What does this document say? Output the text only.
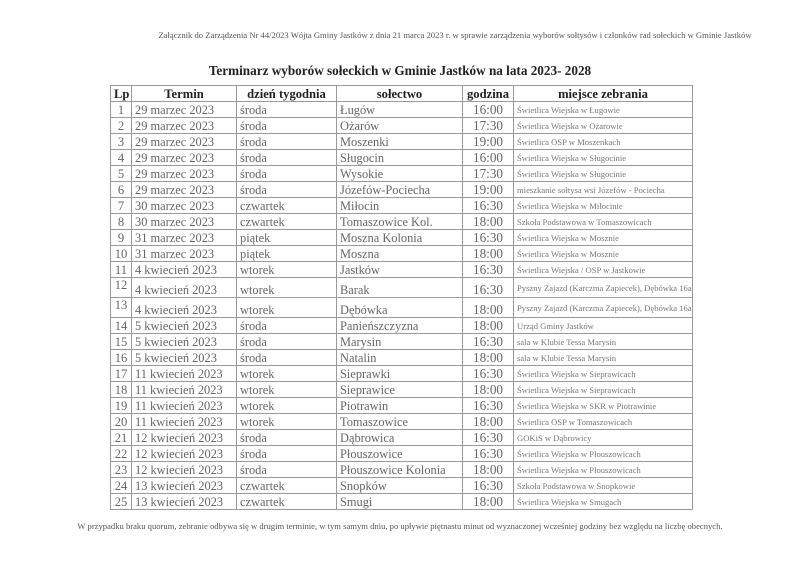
Załącznik do Zarządzenia Nr 44/2023 Wójta Gminy Jastków z dnia 21 marca 2023 r. w sprawie zarządzenia wyborów sołtysów i członków rad sołeckich w Gminie Jastków
Terminarz wyborów sołeckich w Gminie Jastków na lata 2023- 2028
Lp	Termin	dzień tygodnia	sołectwo	godzina	miejsce zebrania
1	29 marzec 2023	środa	Ługów	16:00	Świetlica Wiejska w Ługowie
2	29 marzec 2023	środa	Ożarów	17:30	Świetlica Wiejska w Ożarowie
3	29 marzec 2023	środa	Moszenki	19:00	Świetlica OSP w Moszenkach
4	29 marzec 2023	środa	Sługocin	16:00	Świetlica Wiejska w Sługocinie
5	29 marzec 2023	środa	Wysokie	17:30	Świetlica Wiejska w Sługocinie
6	29 marzec 2023	środa	Józefów-Pociecha	19:00	mieszkanie sołtysa wsi Józefów - Pociecha
7	30 marzec 2023	czwartek	Miłocin	16:30	Świetlica Wiejska w Miłocinie
8	30 marzec 2023	czwartek	Tomaszowice Kol.	18:00	Szkoła Podstawowa w Tomaszowicach
9	31 marzec 2023	piątek	Moszna Kolonia	16:30	Świetlica Wiejska w Mosznie
10	31 marzec 2023	piątek	Moszna	18:00	Świetlica Wiejska w Mosznie
11	4 kwiecień 2023	wtorek	Jastków	16:30	Świetlica Wiejska / OSP w Jastkowie
12	4 kwiecień 2023	wtorek	Barak	16:30	Pyszny Zajazd (Karczma Zapiecek), Dębówka 16a
13	4 kwiecień 2023	wtorek	Dębówka	18:00	Pyszny Zajazd (Karczma Zapiecek), Dębówka 16a
14	5 kwiecień 2023	środa	Panieńszczyzna	18:00	Urząd Gminy Jastków
15	5 kwiecień 2023	środa	Marysin	16:30	sala w Klubie Tessa Marysin
16	5 kwiecień 2023	środa	Natalin	18:00	sala w Klubie Tessa Marysin
17	11 kwiecień 2023	wtorek	Sieprawki	16:30	Świetlica Wiejska w Sieprawicach
18	11 kwiecień 2023	wtorek	Sieprawice	18:00	Świetlica Wiejska w Sieprawicach
19	11 kwiecień 2023	wtorek	Piotrawin	16:30	Świetlica Wiejska w SKR w Piotrawinie
20	11 kwiecień 2023	wtorek	Tomaszowice	18:00	Świetlica OSP w Tomaszowicach
21	12 kwiecień 2023	środa	Dąbrowica	16:30	GOKiS w Dąbrowicy
22	12 kwiecień 2023	środa	Płouszowice	16:30	Świetlica Wiejska w Płouszowicach
23	12 kwiecień 2023	środa	Płouszowice Kolonia	18:00	Świetlica Wiejska w Płouszowicach
24	13 kwiecień 2023	czwartek	Snopków	16:30	Szkoła Podstawowa w Snopkowie
25	13 kwiecień 2023	czwartek	Smugi	18:00	Świetlica Wiejska w Smugach
W przypadku braku quorum, zebranie odbywa się w drugim terminie, w tym samym dniu, po upływie piętnastu minut od wyznaczonej wcześniej godziny bez względu na liczbę obecnych.
